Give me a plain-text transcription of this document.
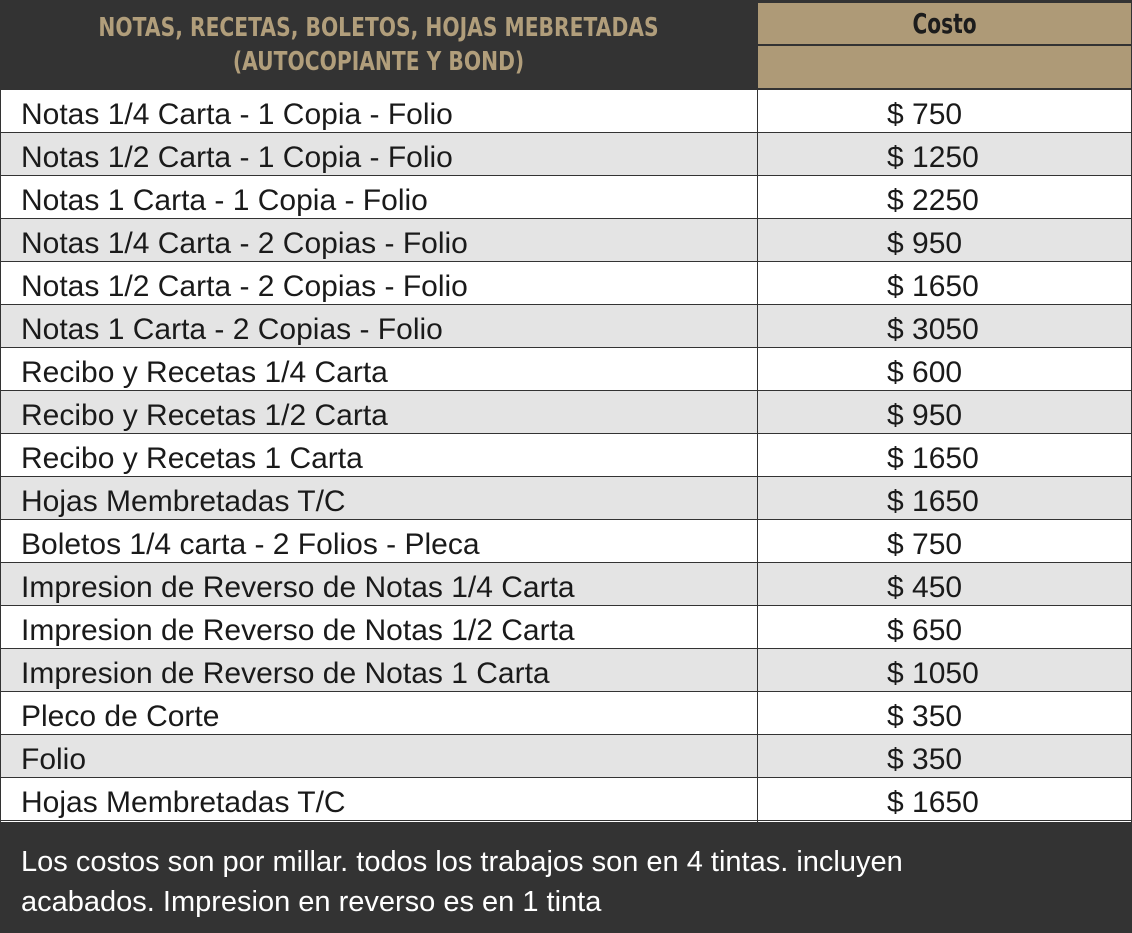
NOTAS, RECETAS, BOLETOS, HOJAS MEBRETADAS
(AUTOCOPIANTE Y BOND)
Costo
Notas 1/4 Carta - 1 Copia - Folio	$ 750
Notas 1/2 Carta - 1 Copia - Folio	$ 1250
Notas 1 Carta - 1 Copia - Folio	$ 2250
Notas 1/4 Carta - 2 Copias - Folio	$ 950
Notas 1/2 Carta - 2 Copias - Folio	$ 1650
Notas 1 Carta - 2 Copias - Folio	$ 3050
Recibo y Recetas 1/4 Carta	$ 600
Recibo y Recetas 1/2 Carta	$ 950
Recibo y Recetas 1 Carta	$ 1650
Hojas Membretadas T/C	$ 1650
Boletos 1/4 carta - 2 Folios - Pleca	$ 750
Impresion de Reverso de Notas 1/4 Carta	$ 450
Impresion de Reverso de Notas 1/2 Carta	$ 650
Impresion de Reverso de Notas 1 Carta	$ 1050
Pleco de Corte	$ 350
Folio	$ 350
Hojas Membretadas T/C	$ 1650

Los costos son por millar. todos los trabajos son en 4 tintas. incluyen

acabados. Impresion en reverso es en 1 tinta
